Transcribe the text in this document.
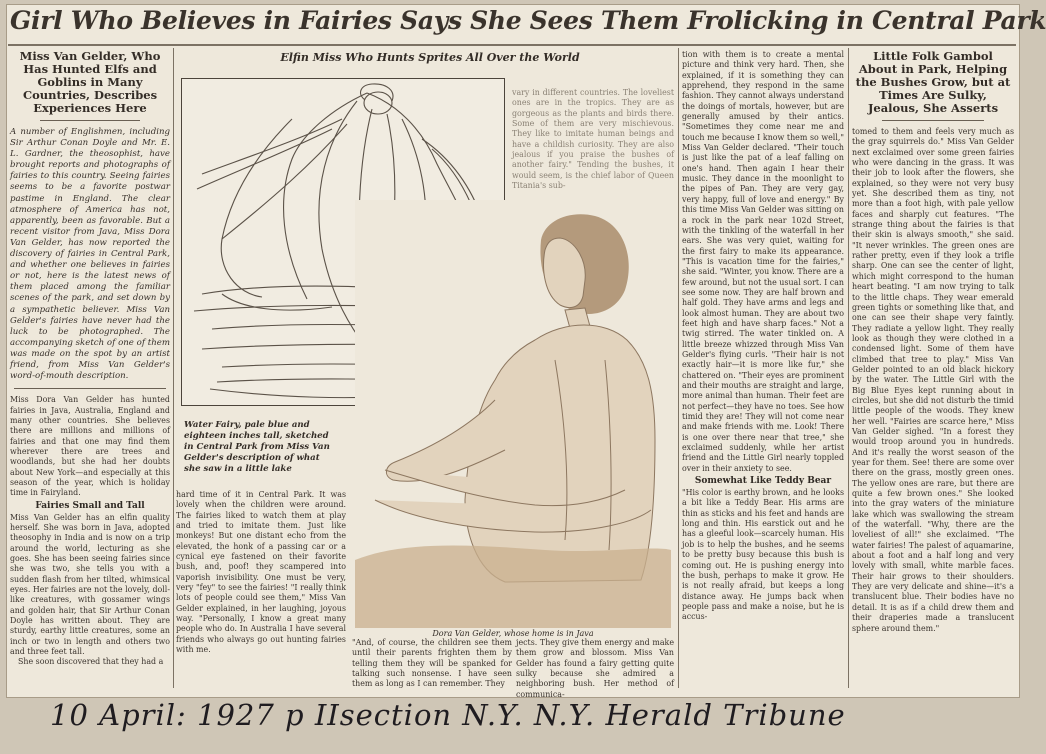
Girl Who Believes in Fairies Says She Sees Them Frolicking in Central Park
Miss Van Gelder, Who Has Hunted Elfs and Goblins in Many Countries, Describes Experiences Here
A number of Englishmen, including Sir Arthur Conan Doyle and Mr. E. L. Gardner, the theosophist, have brought reports and photographs of fairies to this country. Seeing fairies seems to be a favorite postwar pastime in England. The clear atmosphere of America has not, apparently, been as favorable. But a recent visitor from Java, Miss Dora Van Gelder, has now reported the discovery of fairies in Central Park, and whether one believes in fairies or not, here is the latest news of them placed among the familiar scenes of the park, and set down by a sympathetic believer. Miss Van Gelder's fairies have never had the luck to be photographed. The accompanying sketch of one of them was made on the spot by an artist friend, from Miss Van Gelder's word-of-mouth description.

Miss Dora Van Gelder has hunted fairies in Java, Australia, England and many other countries. She believes there are millions and millions of fairies and that one may find them wherever there are trees and woodlands, but she had her doubts about New York—and especially at this season of the year, which is holiday time in Fairyland.

Fairies Small and Tall

Miss Van Gelder has an elfin quality herself. She was born in Java, adopted theosophy in India and is now on a trip around the world, lecturing as she goes. She has been seeing fairies since she was two, she tells you with a sudden flash from her tilted, whimsical eyes. Her fairies are not the lovely, doll-like creatures, with gossamer wings and golden hair, that Sir Arthur Conan Doyle has written about. They are sturdy, earthy little creatures, some an inch or two in length and others two and three feet tall.

She soon discovered that they had a

Elfin Miss Who Hunts Sprites All Over the World

vary in different countries. The loveliest ones are in the tropics. They are as gorgeous as the plants and birds there. Some of them are very mischievous. They like to imitate human beings and have a childish curiosity. They are also jealous if you praise the bushes of another fairy." Tending the bushes, it would seem, is the chief labor of Queen Titania's sub-

Dora Van Gelder, whose home is in Java
Water Fairy, pale blue and eighteen inches tall, sketched in Central Park from Miss Van Gelder's description of what she saw in a little lake

hard time of it in Central Park. It was lovely when the children were around. The fairies liked to watch them at play and tried to imitate them. Just like monkeys! But one distant echo from the elevated, the honk of a passing car or a cynical eye fastened on their favorite bush, and, poof! they scampered into vaporish invisibility. One must be very, very "fey" to see the fairies! "I really think lots of people could see them," Miss Van Gelder explained, in her laughing, joyous way. "Personally, I know a great many people who do. In Australia I have several friends who always go out hunting fairies with me.

"And, of course, the children see them until their parents frighten them by telling them they will be spanked for talking such nonsense. I have seen them as long as I can remember. They

jects. They give them energy and make them grow and blossom. Miss Van Gelder has found a fairy getting quite sulky because she admired a neighboring bush. Her method of communica-

tion with them is to create a mental picture and think very hard. Then, she explained, if it is something they can apprehend, they respond in the same fashion. They cannot always understand the doings of mortals, however, but are generally amused by their antics. "Sometimes they come near me and touch me because I know them so well," Miss Van Gelder declared. "Their touch is just like the pat of a leaf falling on one's hand. Then again I hear their music. They dance in the moonlight to the pipes of Pan. They are very gay, very happy, full of love and energy." By this time Miss Van Gelder was sitting on a rock in the park near 102d Street, with the tinkling of the waterfall in her ears. She was very quiet, waiting for the first fairy to make its appearance. "This is vacation time for the fairies," she said. "Winter, you know. There are a few around, but not the usual sort. I can see some now. They are half brown and half gold. They have arms and legs and look almost human. They are about two feet high and have sharp faces." Not a twig stirred. The water tinkled on. A little breeze whizzed through Miss Van Gelder's flying curls. "Their hair is not exactly hair—it is more like fur," she chattered on. "Their eyes are prominent and their mouths are straight and large, more animal than human. Their feet are not perfect—they have no toes. See how timid they are! They will not come near and make friends with me. Look! There is one over there near that tree," she exclaimed suddenly, while her artist friend and the Little Girl nearly toppled over in their anxiety to see.

Somewhat Like Teddy Bear

"His color is earthy brown, and he looks a bit like a Teddy Bear. His arms are thin as sticks and his feet and hands are long and thin. His earstick out and he has a gleeful look—scarcely human. His job is to help the bushes, and he seems to be pretty busy because this bush is coming out. He is pushing energy into the bush, perhaps to make it grow. He is not really afraid, but keeps a long distance away. He jumps back when people pass and make a noise, but he is accus-

Little Folk Gambol About in Park, Helping the Bushes Grow, but at Times Are Sulky, Jealous, She Asserts

tomed to them and feels very much as the gray squirrels do." Miss Van Gelder next exclaimed over some green fairies who were dancing in the grass. It was their job to look after the flowers, she explained, so they were not very busy yet. She described them as tiny, not more than a foot high, with pale yellow faces and sharply cut features. "The strange thing about the fairies is that their skin is always smooth," she said. "It never wrinkles. The green ones are rather pretty, even if they look a trifle sharp. One can see the center of light, which might correspond to the human heart beating. "I am now trying to talk to the little chaps. They wear emerald green tights or something like that, and one can see their shape very faintly. They radiate a yellow light. They really look as though they were clothed in a condensed light. Some of them have climbed that tree to play." Miss Van Gelder pointed to an old black hickory by the water. The Little Girl with the Big Blue Eyes kept running about in circles, but she did not disturb the timid little people of the woods. They knew her well. "Fairies are scarce here," Miss Van Gelder sighed. "In a forest they would troop around you in hundreds. And it's really the worst season of the year for them. See! there are some over there on the grass, mostly green ones. The yellow ones are rare, but there are quite a few brown ones." She looked into the gray waters of the miniature lake which was swallowing the stream of the waterfall. "Why, there are the loveliest of all!" she exclaimed. "The water fairies! The palest of aquamarine, about a foot and a half long and very lovely with small, white marble faces. Their hair grows to their shoulders. They are very delicate and shine—it's a translucent blue. Their bodies have no detail. It is as if a child drew them and their draperies made a translucent sphere around them."

10 April: 1927 p IIsection N.Y. N.Y. Herald Tribune
